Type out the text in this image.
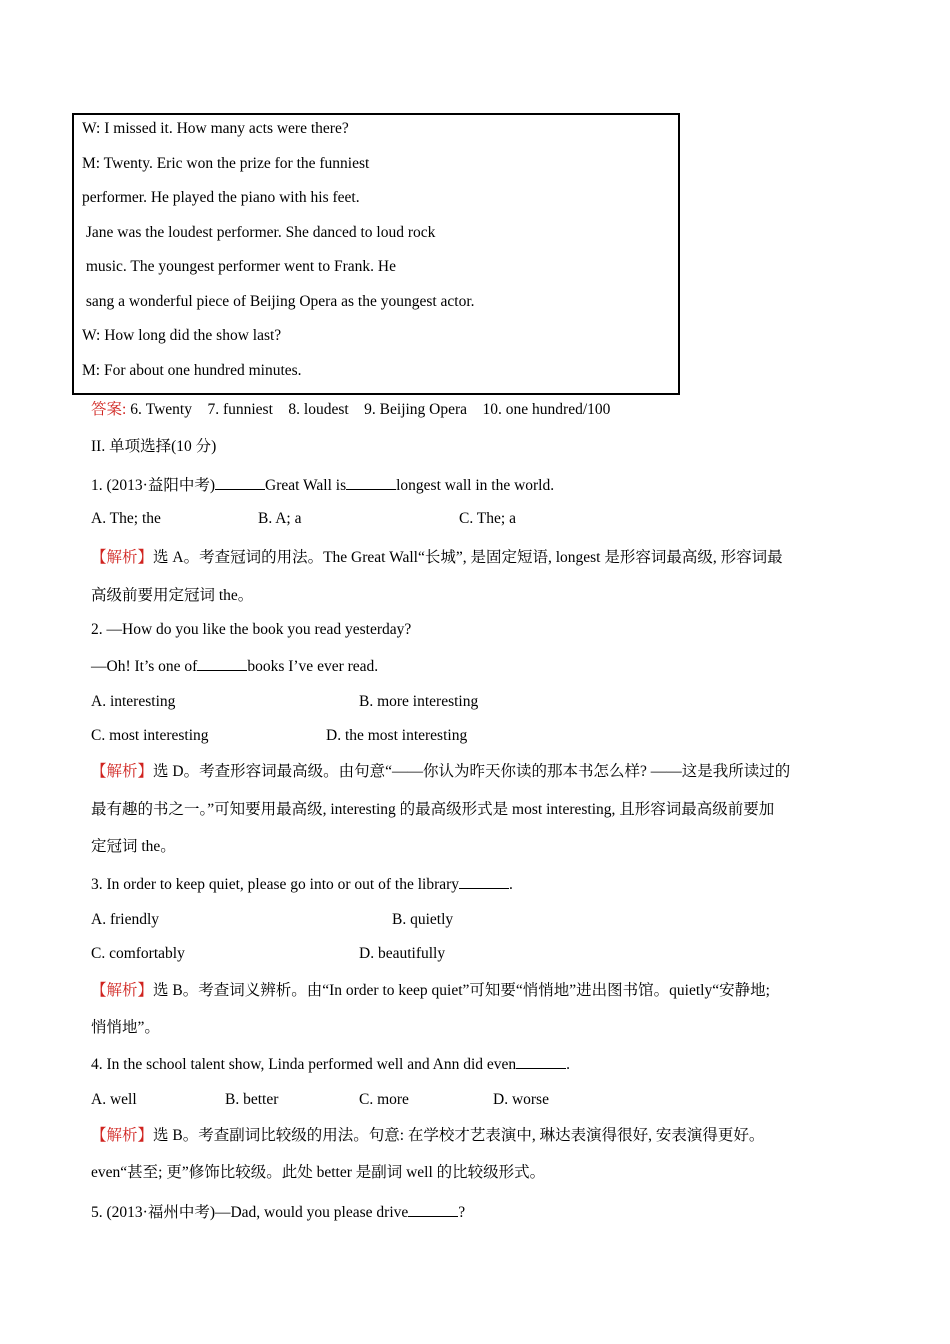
W: I missed it. How many acts were there?
M: Twenty. Eric won the prize for the funniest
performer. He played the piano with his feet.
Jane was the loudest performer. She danced to loud rock
music. The youngest performer went to Frank. He
sang a wonderful piece of Beijing Opera as the youngest actor.
W: How long did the show last?
M: For about one hundred minutes.
答案: 6. Twenty    7. funniest    8. loudest    9. Beijing Opera    10. one hundred/100
II. 单项选择(10 分)
1. (2013·益阳中考)	Great Wall is	longest wall in the world.
A. The; the	B. A; a	C. The; a
【解析】选 A。考查冠词的用法。The Great Wall“长城”, 是固定短语, longest 是形容词最高级, 形容词最
高级前要用定冠词 the。
2. —How do you like the book you read yesterday?
—Oh! It’s one of	books I’ve ever read.
A. interesting	B. more interesting
C. most interesting	D. the most interesting
【解析】选 D。考查形容词最高级。由句意“——你认为昨天你读的那本书怎么样? ——这是我所读过的
最有趣的书之一。”可知要用最高级, interesting 的最高级形式是 most interesting, 且形容词最高级前要加
定冠词 the。
3. In order to keep quiet, please go into or out of the library	.
A. friendly	B. quietly
C. comfortably	D. beautifully
【解析】选 B。考查词义辨析。由“In order to keep quiet”可知要“悄悄地”进出图书馆。quietly“安静地;
悄悄地”。
4. In the school talent show, Linda performed well and Ann did even	.
A. well	B. better	C. more	D. worse
【解析】选 B。考查副词比较级的用法。句意: 在学校才艺表演中, 琳达表演得很好, 安表演得更好。
even“甚至; 更”修饰比较级。此处 better 是副词 well 的比较级形式。
5. (2013·福州中考)—Dad, would you please drive	?
